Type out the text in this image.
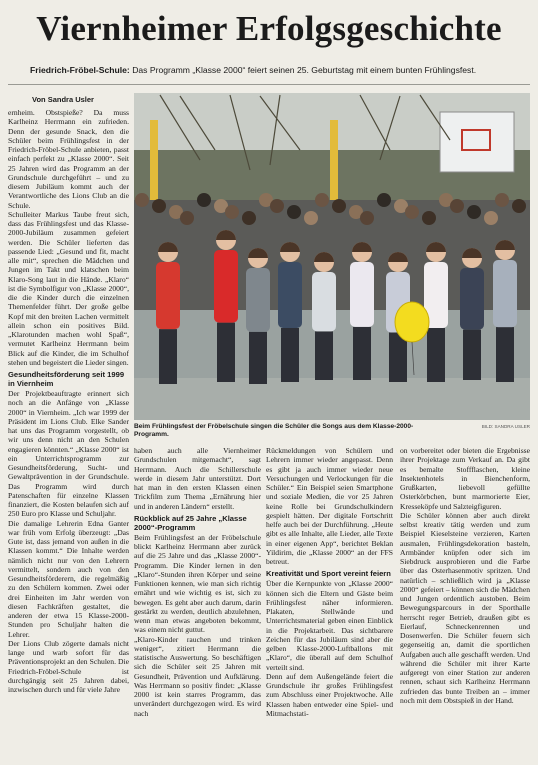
Viernheimer Erfolgsgeschichte
Friedrich-Fröbel-Schule: Das Programm „Klasse 2000“ feiert seinen 25. Geburtstag mit einem bunten Frühlingsfest.
Von Sandra Usler

ernheim. Obstspieße? Da muss Karlheinz Herrmann ein zufrieden. Denn der gesunde Snack, den die Schüler beim Frühlingsfest in der Friedrich-Fröbel-Schule anbieten, passt einfach perfekt zu „Klasse 2000“. Seit 25 Jahren wird das Programm an der Grundschule durchgeführt – und zu diesem Jubiläum kommt auch der Verantwortliche des Lions Club an die Schule.

Schulleiter Markus Taube freut sich, dass das Frühlingsfest und das Klasse-2000-Jubiläum zusammen gefeiert werden. Die Schüler lieferten das passende Lied: „Gesund und fit, macht alle mit“, sprechen die Mädchen und Jungen im Takt und klatschen beim Klaro-Song laut in die Hände. „Klaro“ ist die Symbolfigur von „Klasse 2000“, die die Kinder durch die einzelnen Themenfelder führt. Der große gelbe Kopf mit den breiten Lachen vermittelt allein schon ein positives Bild. „Klarotunden machen wohl Spaß“, vermutet Karlheinz Herrmann beim Blick auf die Kinder, die im Schulhof stehen und begeistert die Lieder singen.

Gesundheitsförderung seit 1999 in Viernheim

Der Projektbeauftragte erinnert sich noch an die Anfänge von „Klasse 2000“ in Viernheim. „Ich war 1999 der Präsident im Lions Club. Elke Sander hat uns das Programm vorgestellt, ob wir uns denn nicht an den Schulen engagieren könnten.“ „Klasse 2000“ ist ein Unterrichtsprogramm zur Gesundheitsförderung, Sucht- und Gewaltprävention in der Grundschule. Das Programm wird durch Patenschaften für einzelne Klassen finanziert, die Kosten belaufen sich auf 250 Euro pro Klasse und Schuljahr.

Die damalige Lehrerin Edna Ganter war früh vom Erfolg überzeugt: „Das Gute ist, dass jemand von außen in die Klassen kommt.“ Die Inhalte werden nämlich nicht nur von den Lehrern vermittelt, sondern auch von den Gesundheitsförderern, die regelmäßig zu den Schülern kommen. Zwei oder drei Einheiten im Jahr werden von diesen Fachkräften gestaltet, die anderen der etwa 15 Klasse-2000-Stunden pro Schuljahr halten die Lehrer.

Der Lions Club zögerte damals nicht lange und warb sofort für das Präventionsprojekt an den Schulen. Die Friedrich-Fröbel-Schule ist durchgängig seit 25 Jahren dabei, inzwischen durch und für viele Jahre

Beim Frühlingsfest der Fröbelschule singen die Schüler die Songs aus dem Klasse-2000-Programm.
BILD: SANDRA USLER

haben auch alle Viernheimer Grundschulen mitgemacht“, sagt Herrmann. Auch die Schillerschule werde in diesem Jahr unterstützt. Dort hat man in den ersten Klassen einen Trickfilm zum Thema „Ernährung hier und in anderen Ländern“ erstellt.

Rückblick auf 25 Jahre „Klasse 2000“-Programm

Beim Frühlingsfest an der Fröbelschule blickt Karlheinz Herrmann aber zurück auf die 25 Jahre und das „Klasse 2000“-Programm. Die Kinder lernen in den „Klaro“-Stunden ihren Körper und seine Funktionen kennen, wie man sich richtig ernährt und wie wichtig es ist, sich zu bewegen. Es geht aber auch darum, darin gestärkt zu werden, deutlich abzulehnen, wenn man etwas angeboten bekommt, was einem nicht guttut.

„Klaro-Kinder rauchen und trinken weniger“, zitiert Herrmann die statistische Auswertung. So beschäftigen sich die Schüler seit 25 Jahren mit Gesundheit, Prävention und Aufklärung. Was Herrmann so positiv findet: „Klasse 2000 ist kein starres Programm, das unverändert durchgezogen wird. Es wird nach

Rückmeldungen von Schülern und Lehrern immer wieder angepasst. Denn es gibt ja auch immer wieder neue Versuchungen und Verlockungen für die Schüler.“ Ein Beispiel seien Smartphone und soziale Medien, die vor 25 Jahren keine Rolle bei Grundschulkindern gespielt hätten. Der digitale Fortschritt helfe auch bei der Durchführung. „Heute gibt es alle Inhalte, alle Lieder, alle Texte in einer eigenen App“, berichtet Beklan Yildirim, die „Klasse 2000“ an der FFS betreut.

Kreativität und Sport vereint feiern

Über die Kernpunkte von „Klasse 2000“ können sich die Eltern und Gäste beim Frühlingsfest näher informieren. Plakaten, Stellwände und Unterrichtsmaterial geben einen Einblick in die Projektarbeit. Das sichtbarere Zeichen für das Jubiläum sind aber die gelben Klasse-2000-Luftballons mit „Klaro“, die überall auf dem Schulhof verteilt sind.

Denn auf dem Außengelände feiert die Grundschule ihr großes Frühlingsfest zum Abschluss einer Projektwoche. Alle Klassen haben entweder eine Spiel- und Mitmachstati-

on vorbereitet oder bieten die Ergebnisse ihrer Projektage zum Verkauf an. Da gibt es bemalte Stoffflaschen, kleine Insektenhotels in Bienchenform, Grußkarten, liebevoll gefüllte Osterkörbchen, bunt marmorierte Eier, Kresseköpfe und Salzteigfiguren.

Die Schüler können aber auch direkt selbst kreativ tätig werden und zum Beispiel Kieselsteine verzieren, Karten ausmalen, Frühlingsdekoration basteln, Armbänder knüpfen oder sich im Siebdruck ausprobieren und die Farbe über das Osterhasenmotiv spritzen. Und natürlich – schließlich wird ja „Klasse 2000“ gefeiert – können sich die Mädchen und Jungen ordentlich austoben. Beim Bewegungsparcours in der Sporthalle herrscht reger Betrieb, draußen gibt es Eierlauf, Schneckenrennen und Dosenwerfen. Die Schüler feuern sich gegenseitig an, damit die sportlichen Aufgaben auch alle geschafft werden. Und während die Schüler mit ihrer Karte aufgeregt von einer Station zur anderen rennen, schaut sich Karlheinz Herrmann zufrieden das bunte Treiben an – immer noch mit dem Obstspieß in der Hand.
